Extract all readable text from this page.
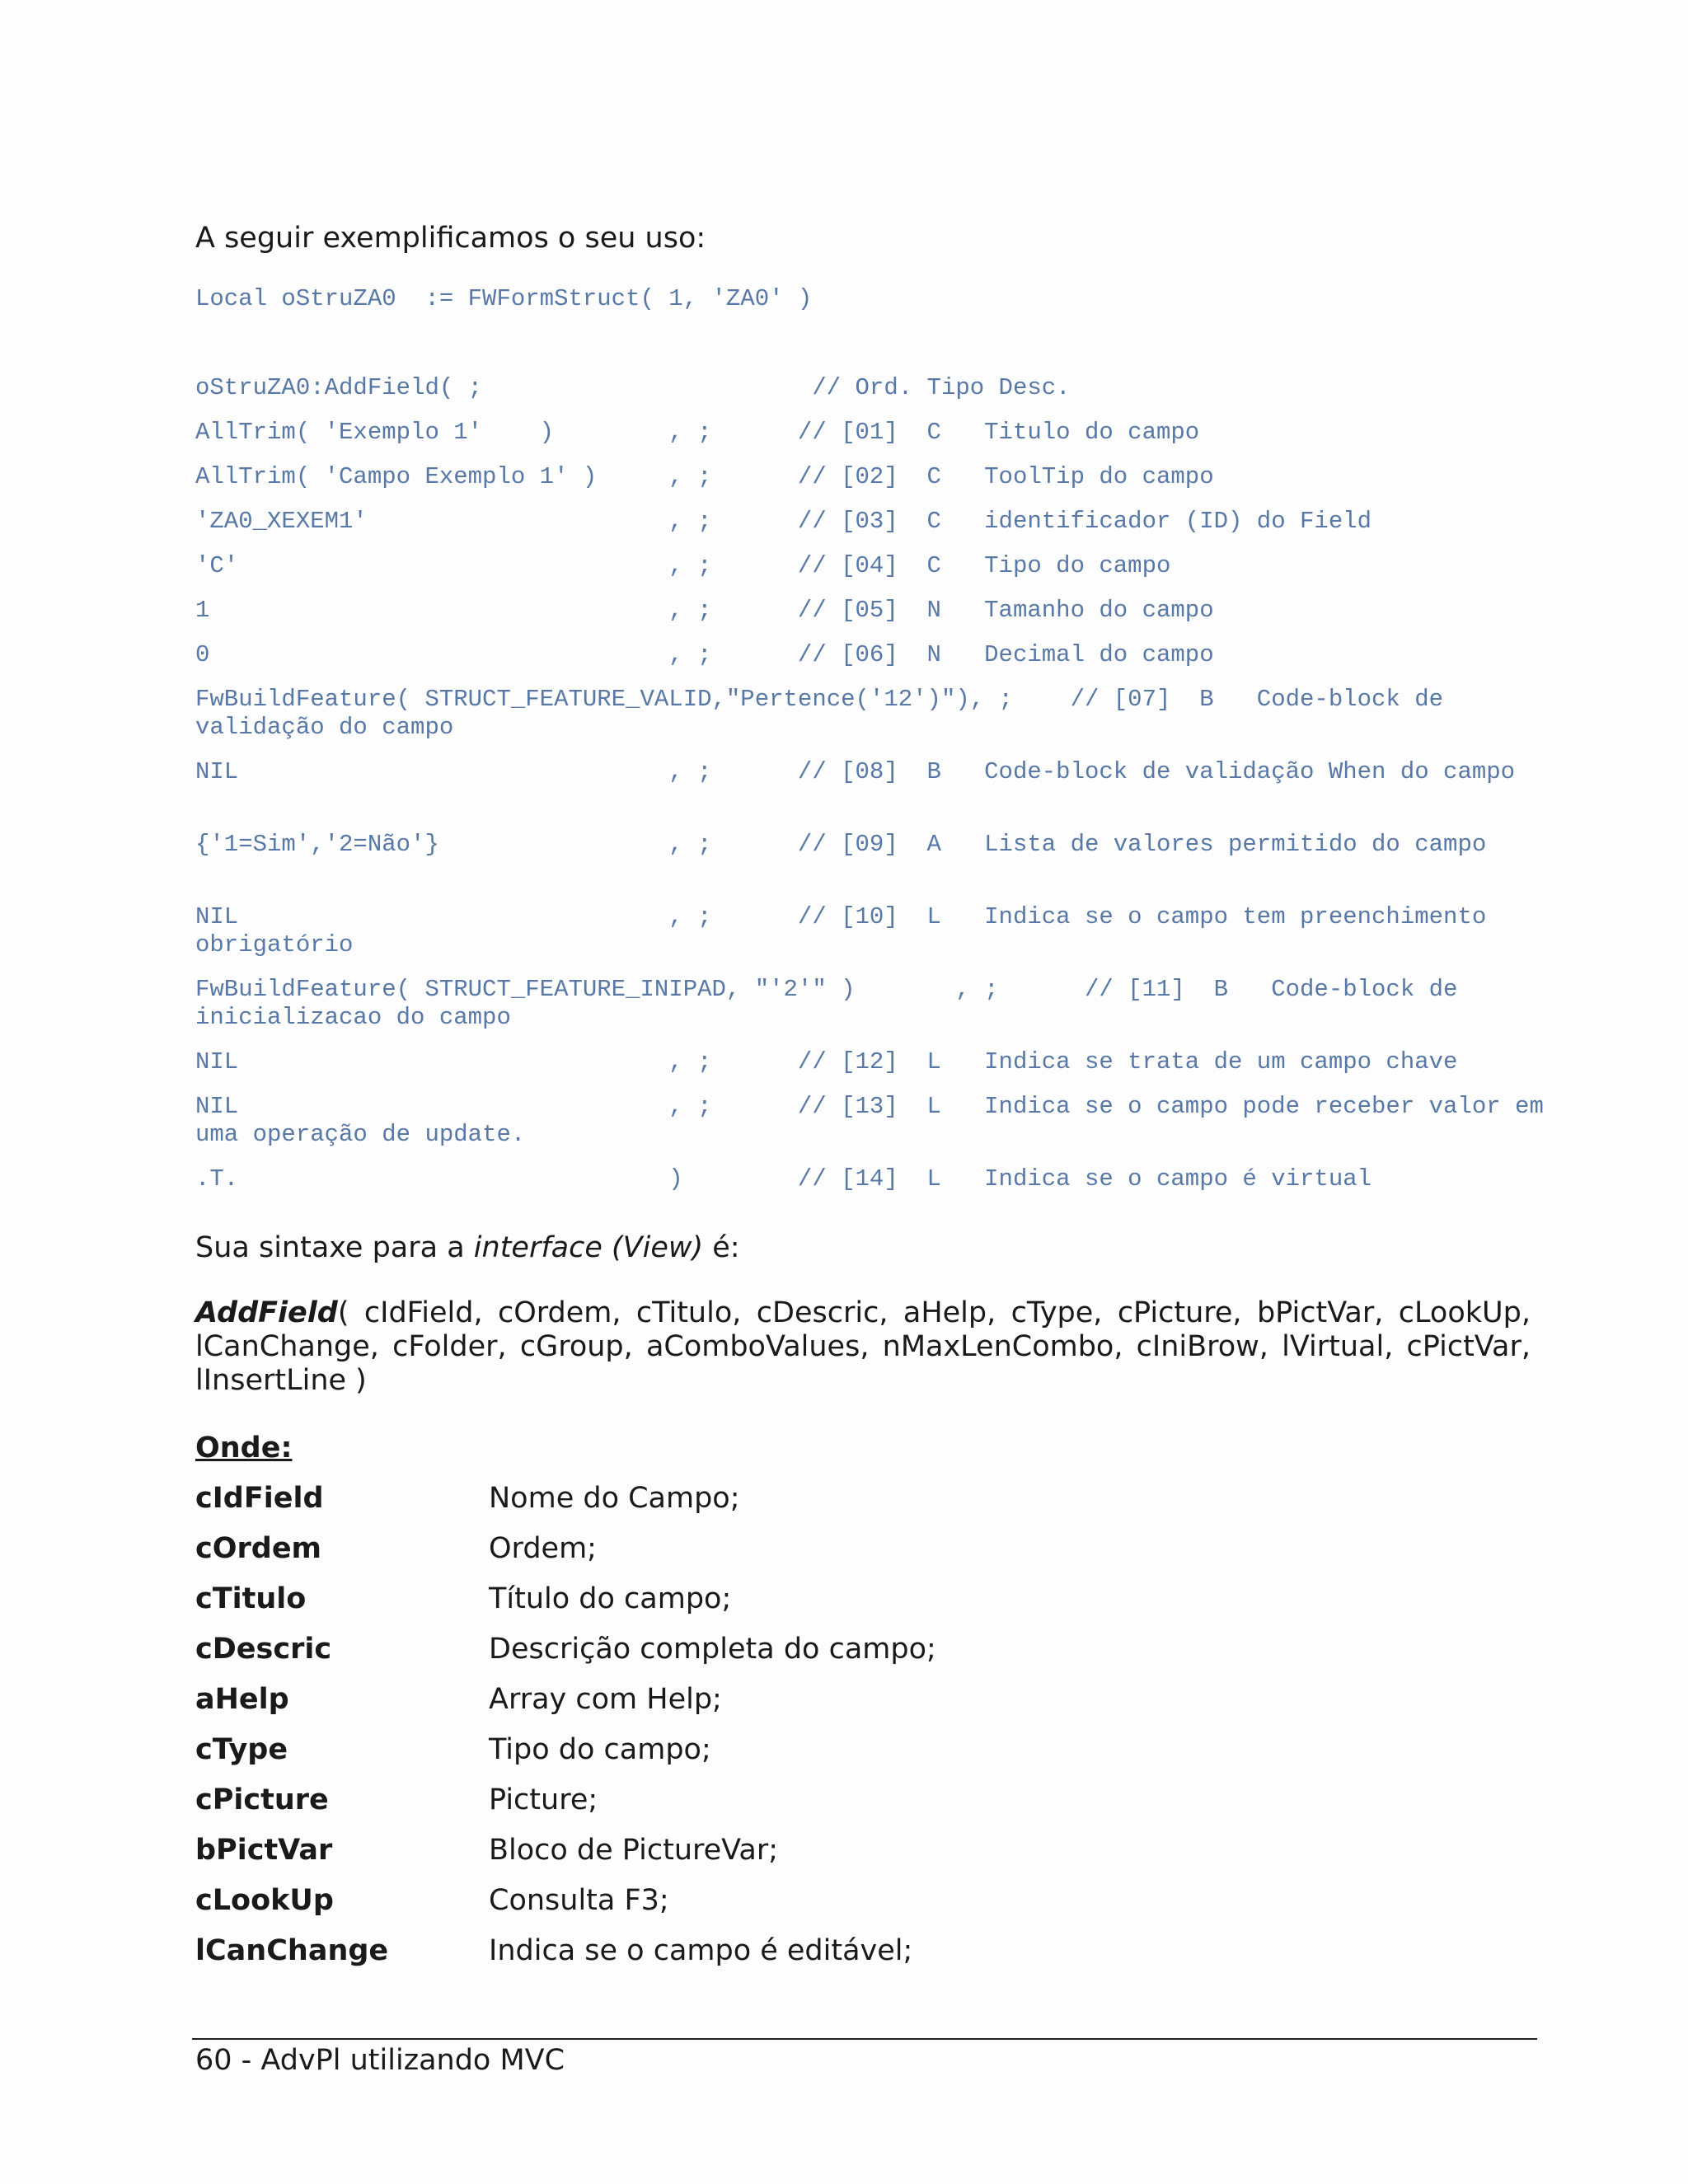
A seguir exemplificamos o seu uso:

Local oStruZA0  := FWFormStruct( 1, 'ZA0' )
oStruZA0:AddField( ;                       // Ord. Tipo Desc.
AllTrim( 'Exemplo 1'    )        , ;      // [01]  C   Titulo do campo
AllTrim( 'Campo Exemplo 1' )     , ;      // [02]  C   ToolTip do campo
'ZA0_XEXEM1'                     , ;      // [03]  C   identificador (ID) do Field
'C'                              , ;      // [04]  C   Tipo do campo
1                                , ;      // [05]  N   Tamanho do campo
0                                , ;      // [06]  N   Decimal do campo
FwBuildFeature( STRUCT_FEATURE_VALID,"Pertence('12')"), ;    // [07]  B   Code-block de validação do campo
NIL                              , ;      // [08]  B   Code-block de validação When do campo
{'1=Sim','2=Não'}                , ;      // [09]  A   Lista de valores permitido do campo
NIL                              , ;      // [10]  L   Indica se o campo tem preenchimento obrigatório
FwBuildFeature( STRUCT_FEATURE_INIPAD, "'2'" )       , ;      // [11]  B   Code-block de inicializacao do campo
NIL                              , ;      // [12]  L   Indica se trata de um campo chave
NIL                              , ;      // [13]  L   Indica se o campo pode receber valor em uma operação de update.
.T.                              )        // [14]  L   Indica se o campo é virtual

Sua sintaxe para a interface (View) é:

AddField( cIdField, cOrdem, cTitulo, cDescric, aHelp, cType, cPicture, bPictVar, cLookUp, lCanChange, cFolder, cGroup, aComboValues, nMaxLenCombo, cIniBrow, lVirtual, cPictVar, lInsertLine )

Onde:

cIdField	Nome do Campo;
cOrdem	Ordem;
cTitulo	Título do campo;
cDescric	Descrição completa do campo;
aHelp	Array com Help;
cType	Tipo do campo;
cPicture	Picture;
bPictVar	Bloco de PictureVar;
cLookUp	Consulta F3;
lCanChange	Indica se o campo é editável;

60 - AdvPl utilizando MVC
